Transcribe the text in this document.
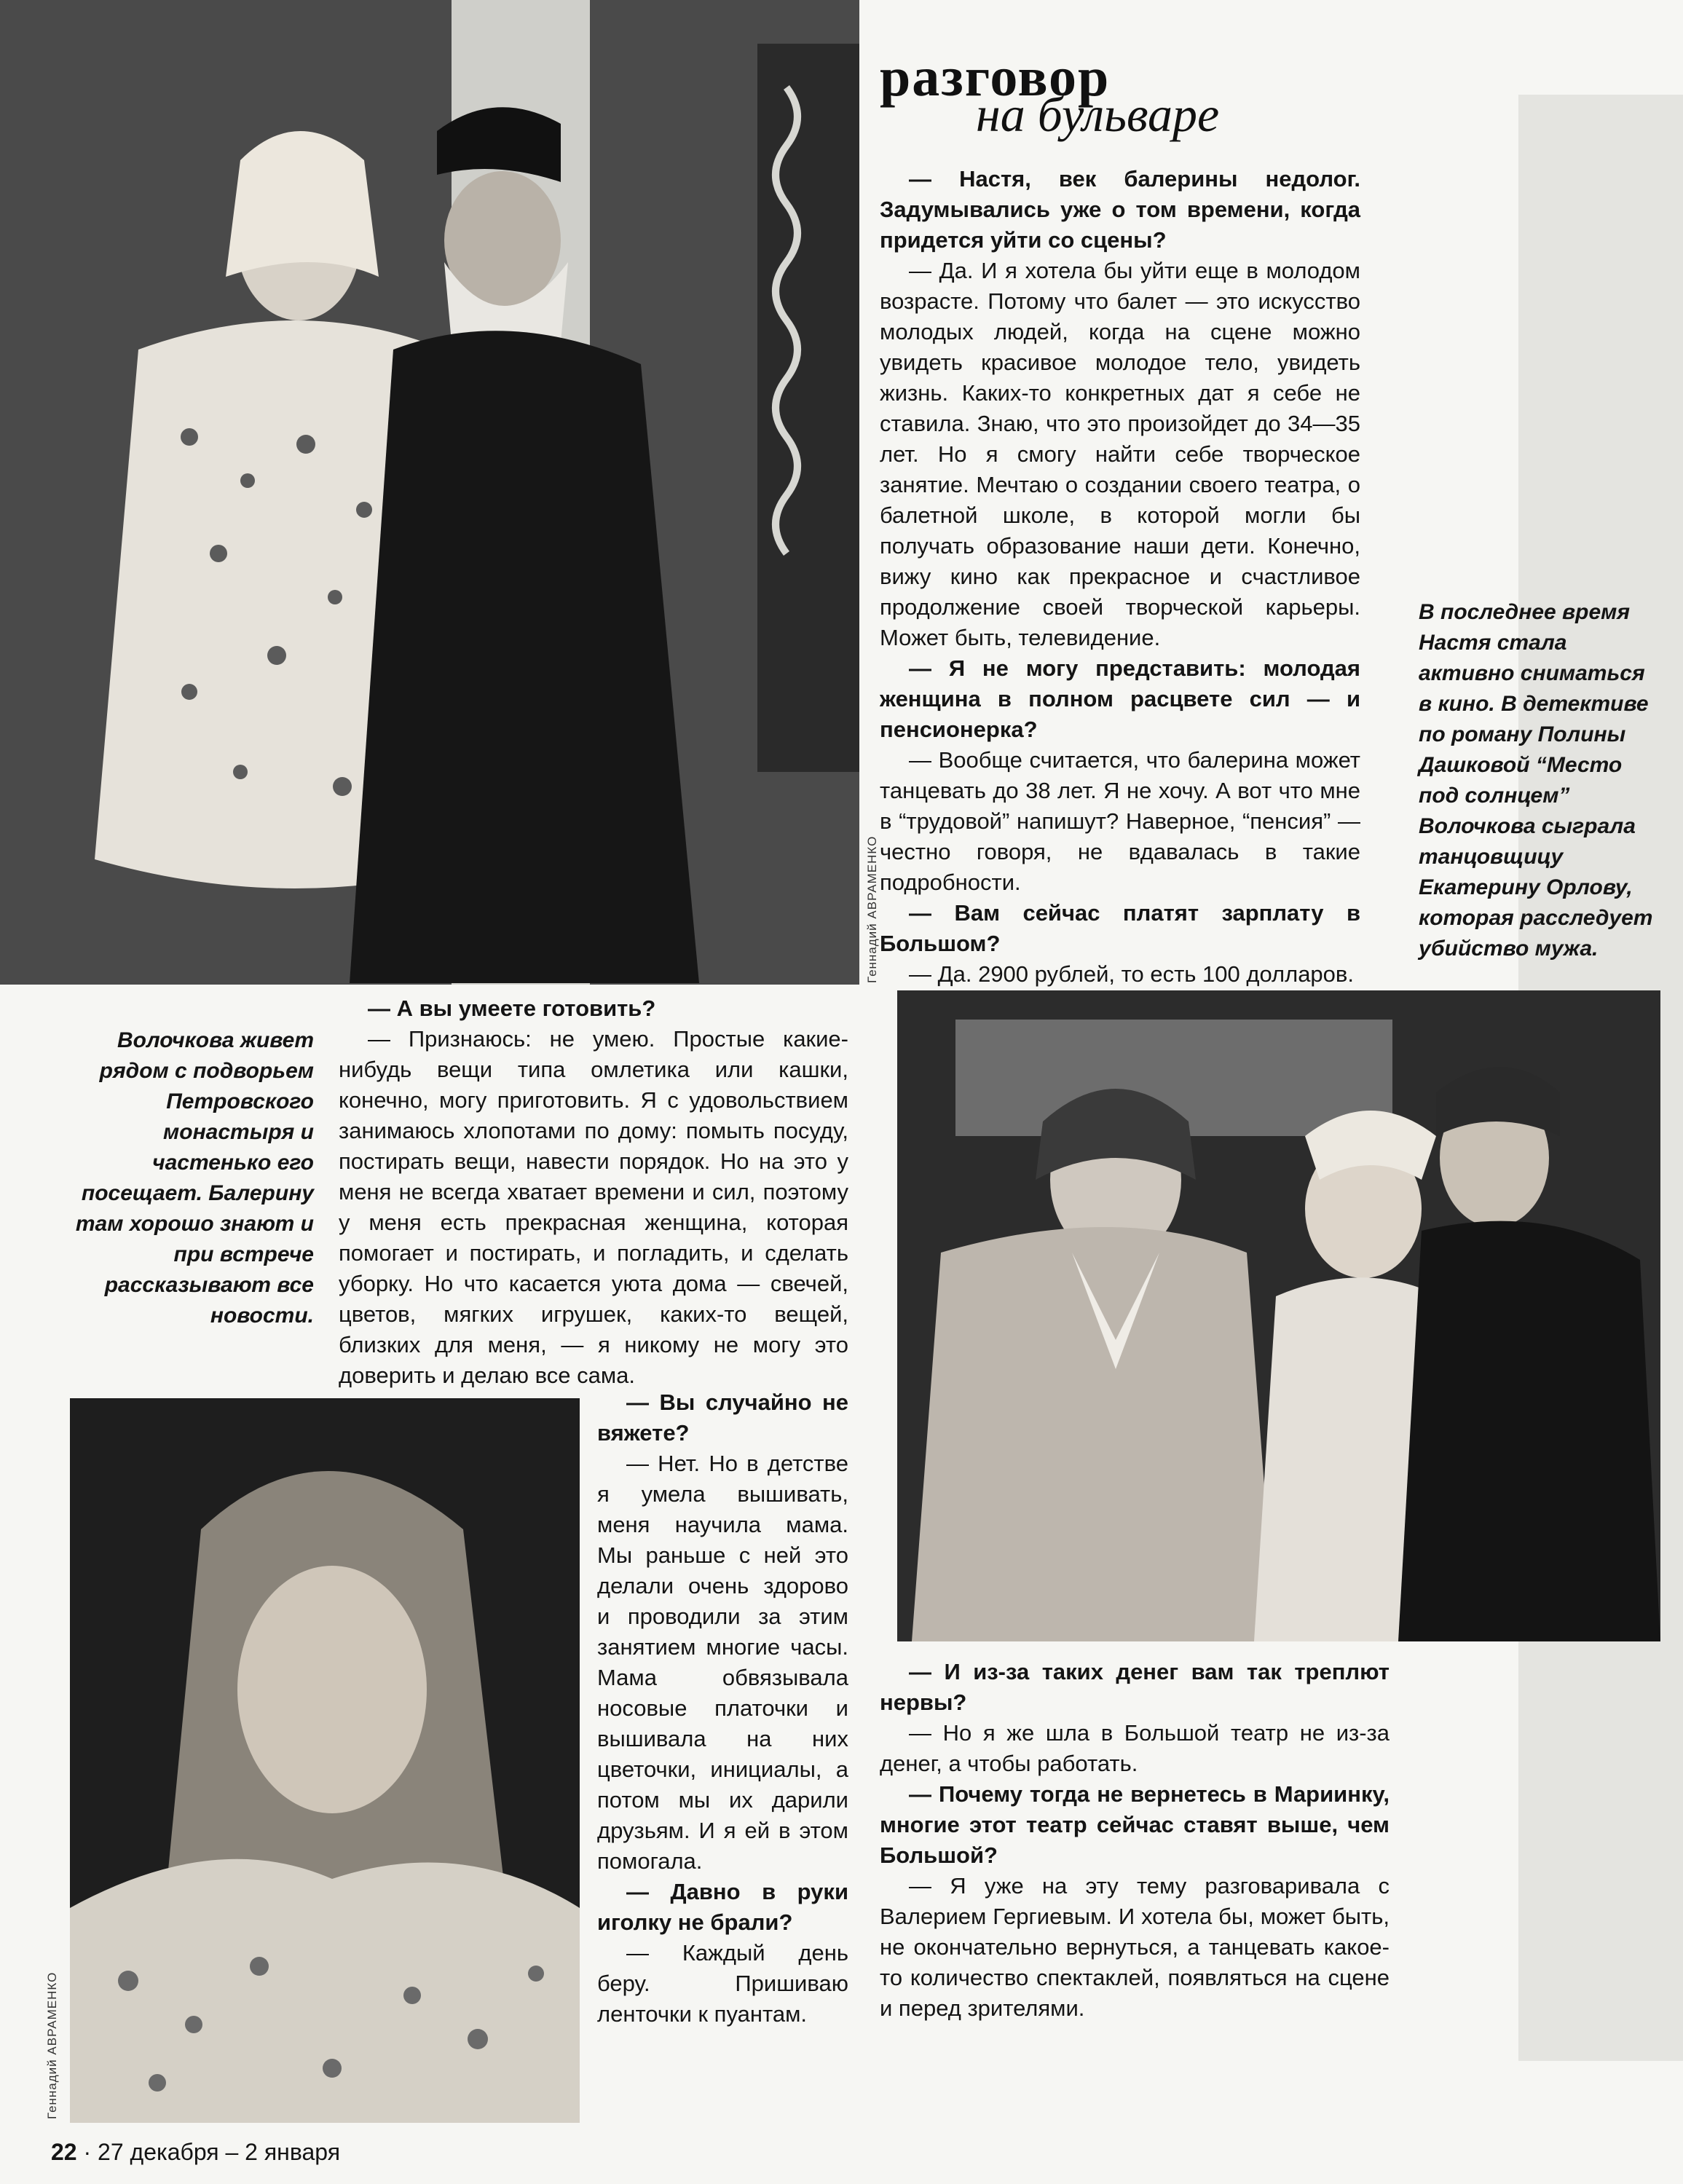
разговор
на бульваре
Геннадий АВРАМЕНКО

— Настя, век балерины недолог. Задумывались уже о том времени, когда придется уйти со сцены?

— Да. И я хотела бы уйти еще в молодом возрасте. Потому что балет — это искусство молодых людей, когда на сцене можно увидеть красивое молодое тело, увидеть жизнь. Каких-то конкретных дат я себе не ставила. Знаю, что это произойдет до 34—35 лет. Но я смогу найти себе творческое занятие. Мечтаю о создании своего театра, о балетной школе, в которой могли бы получать образование наши дети. Конечно, вижу кино как прекрасное и счастливое продолжение своей творческой карьеры. Может быть, телевидение.

— Я не могу представить: молодая женщина в полном расцвете сил — и пенсионерка?

— Вообще считается, что балерина может танцевать до 38 лет. Я не хочу. А вот что мне в “трудовой” напишут? Наверное, “пенсия” — честно говоря, не вдавалась в такие подробности.

— Вам сейчас платят зарплату в Большом?

— Да. 2900 рублей, то есть 100 долларов.

В последнее время Настя стала активно сниматься в кино. В детективе по роману Полины Дашковой “Место под солнцем” Волочкова сыграла танцовщицу Екатерину Орлову, которая расследует убийство мужа.
Волочкова живет рядом с подворьем Петровского монастыря и частенько его посещает. Балерину там хорошо знают и при встрече рассказывают все новости.

— А вы умеете готовить?

— Признаюсь: не умею. Простые какие-нибудь вещи типа омлетика или кашки, конечно, могу приготовить. Я с удовольствием занимаюсь хлопотами по дому: помыть посуду, постирать вещи, навести порядок. Но на это у меня не всегда хватает времени и сил, поэтому у меня есть прекрасная женщина, которая помогает и постирать, и погладить, и сделать уборку. Но что касается уюта дома — свечей, цветов, мягких игрушек, каких-то вещей, близких для меня, — я никому не могу это доверить и делаю все сама.

Геннадий АВРАМЕНКО

— Вы случайно не вяжете?

— Нет. Но в детстве я умела вышивать, меня научила мама. Мы раньше с ней это делали очень здорово и проводили за этим занятием многие часы. Мама обвязывала носовые платочки и вышивала на них цветочки, инициалы, а потом мы их дарили друзьям. И я ей в этом помогала.

— Давно в руки иголку не брали?

— Каждый день беру. Пришиваю ленточки к пуантам.

— И из-за таких денег вам так треплют нервы?

— Но я же шла в Большой театр не из-за денег, а чтобы работать.

— Почему тогда не вернетесь в Мариинку, многие этот театр сейчас ставят выше, чем Большой?

— Я уже на эту тему разговаривала с Валерием Гергиевым. И хотела бы, может быть, не окончательно вернуться, а танцевать какое-то количество спектаклей, появляться на сцене и перед зрителями.

22 · 27 декабря – 2 января
